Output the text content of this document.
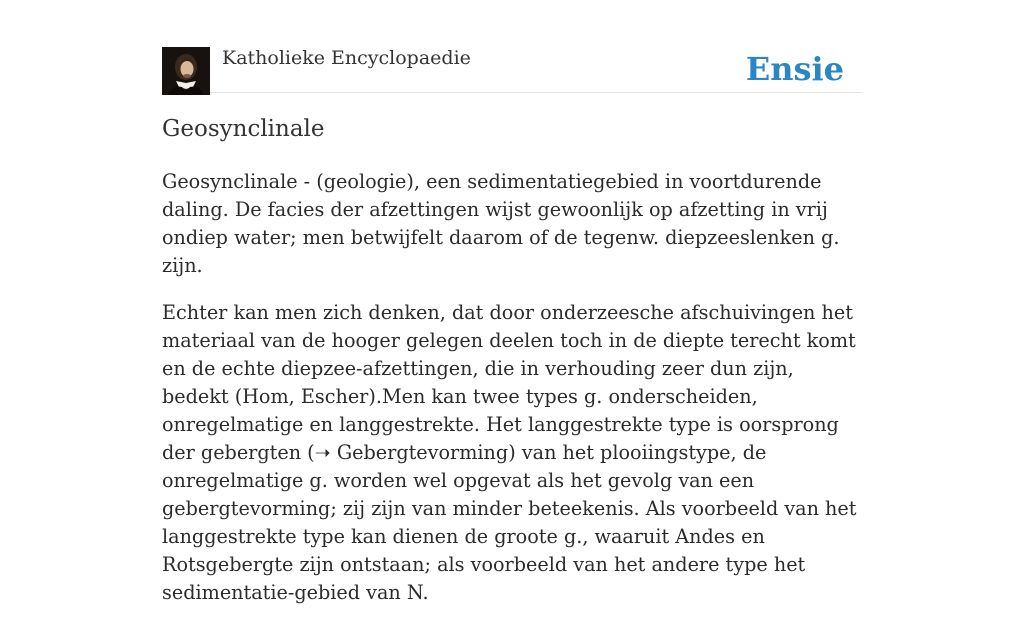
Katholieke Encyclopaedie	Ensie
Geosynclinale

Geosynclinale - (geologie), een sedimentatiegebied in voortdurende daling. De facies der afzettingen wijst gewoonlijk op afzetting in vrij ondiep water; men betwijfelt daarom of de tegenw. diepzeeslenken g. zijn.

Echter kan men zich denken, dat door onderzeesche afschuivingen het materiaal van de hooger gelegen deelen toch in de diepte terecht komt en de echte diepzee-afzettingen, die in verhouding zeer dun zijn, bedekt (Hom, Escher).Men kan twee types g. onderscheiden, onregelmatige en langgestrekte. Het langgestrekte type is oorsprong der gebergten (➝ Gebergtevorming) van het plooiingstype, de onregelmatige g. worden wel opgevat als het gevolg van een gebergtevorming; zij zijn van minder beteekenis. Als voorbeeld van het langgestrekte type kan dienen de groote g., waaruit Andes en Rotsgebergte zijn ontstaan; als voorbeeld van het andere type het sedimentatie-gebied van N.
